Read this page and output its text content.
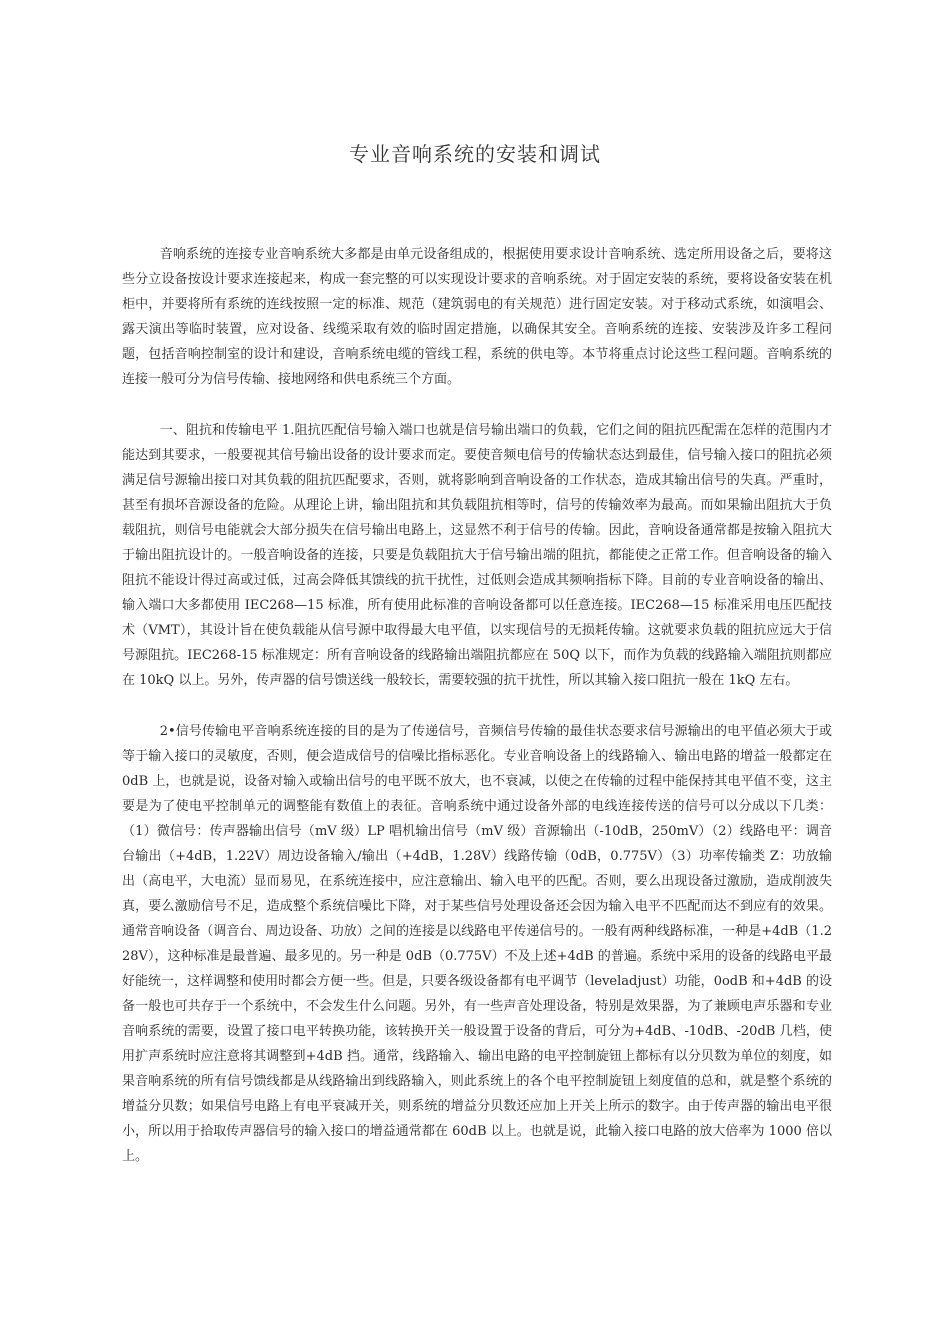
专业音响系统的安装和调试

音响系统的连接专业音响系统大多都是由单元设备组成的，根据使用要求设计音响系统、选定所用设备之后，要将这些分立设备按设计要求连接起来，构成一套完整的可以实现设计要求的音响系统。对于固定安装的系统，要将设备安装在机柜中，并要将所有系统的连线按照一定的标准、规范（建筑弱电的有关规范）进行固定安装。对于移动式系统，如演唱会、露天演出等临时装置，应对设备、线缆采取有效的临时固定措施，以确保其安全。音响系统的连接、安装涉及许多工程问题，包括音响控制室的设计和建设，音响系统电缆的管线工程，系统的供电等。本节将重点讨论这些工程问题。音响系统的连接一般可分为信号传输、接地网络和供电系统三个方面。

一、阻抗和传输电平 1.阻抗匹配信号输入端口也就是信号输出端口的负载，它们之间的阻抗匹配需在怎样的范围内才能达到其要求，一般要视其信号输出设备的设计要求而定。要使音频电信号的传输状态达到最佳，信号输入接口的阻抗必须满足信号源输出接口对其负载的阻抗匹配要求，否则，就将影响到音响设备的工作状态，造成其输出信号的失真。严重时，甚至有损坏音源设备的危险。从理论上讲，输出阻抗和其负载阻抗相等时，信号的传输效率为最高。而如果输出阻抗大于负载阻抗，则信号电能就会大部分损失在信号输出电路上，这显然不利于信号的传输。因此，音响设备通常都是按输入阻抗大于输出阻抗设计的。一般音响设备的连接，只要是负载阻抗大于信号输出端的阻抗，都能使之正常工作。但音响设备的输入阻抗不能设计得过高或过低，过高会降低其馈线的抗干扰性，过低则会造成其频响指标下降。目前的专业音响设备的输出、输入端口大多都使用 IEC268—15 标准，所有使用此标准的音响设备都可以任意连接。IEC268—15 标准采用电压匹配技术（VMT），其设计旨在使负载能从信号源中取得最大电平值，以实现信号的无损耗传输。这就要求负载的阻抗应远大于信号源阻抗。IEC268-15 标准规定：所有音响设备的线路输出端阻抗都应在 50Q 以下，而作为负载的线路输入端阻抗则都应在 10kQ 以上。另外，传声器的信号馈送线一般较长，需要较强的抗干扰性，所以其输入接口阻抗一般在 1kQ 左右。

2•信号传输电平音响系统连接的目的是为了传递信号，音频信号传输的最佳状态要求信号源输出的电平值必须大于或等于输入接口的灵敏度，否则，便会造成信号的信噪比指标恶化。专业音响设备上的线路输入、输出电路的增益一般都定在 0dB 上，也就是说，设备对输入或输出信号的电平既不放大，也不衰减，以使之在传输的过程中能保持其电平值不变，这主要是为了使电平控制单元的调整能有数值上的表征。音响系统中通过设备外部的电线连接传送的信号可以分成以下几类：（1）微信号：传声器输出信号（mV 级）LP 唱机输出信号（mV 级）音源输出（-10dB，250mV）（2）线路电平：调音台输出（+4dB，1.22V）周边设备输入/输出（+4dB，1.28V）线路传输（0dB，0.775V）（3）功率传输类 Z：功放输出（高电平，大电流）显而易见，在系统连接中，应注意输出、输入电平的匹配。否则，要么出现设备过激励，造成削波失真，要么激励信号不足，造成整个系统信噪比下降，对于某些信号处理设备还会因为输入电平不匹配而达不到应有的效果。通常音响设备（调音台、周边设备、功放）之间的连接是以线路电平传递信号的。一般有两种线路标准，一种是+4dB（1.228V），这种标准是最普遍、最多见的。另一种是 0dB（0.775V）不及上述+4dB 的普遍。系统中采用的设备的线路电平最好能统一，这样调整和使用时都会方便一些。但是，只要各级设备都有电平调节（leveladjust）功能，0odB 和+4dB 的设备一般也可共存于一个系统中，不会发生什么问题。另外，有一些声音处理设备，特别是效果器，为了兼顾电声乐器和专业音响系统的需要，设置了接口电平转换功能，该转换开关一般设置于设备的背后，可分为+4dB、-10dB、-20dB 几档，使用扩声系统时应注意将其调整到+4dB 挡。通常，线路输入、输出电路的电平控制旋钮上都标有以分贝数为单位的刻度，如果音响系统的所有信号馈线都是从线路输出到线路输入，则此系统上的各个电平控制旋钮上刻度值的总和，就是整个系统的增益分贝数；如果信号电路上有电平衰减开关，则系统的增益分贝数还应加上开关上所示的数字。由于传声器的输出电平很小，所以用于拾取传声器信号的输入接口的增益通常都在 60dB 以上。也就是说，此输入接口电路的放大倍率为 1000 倍以上。
